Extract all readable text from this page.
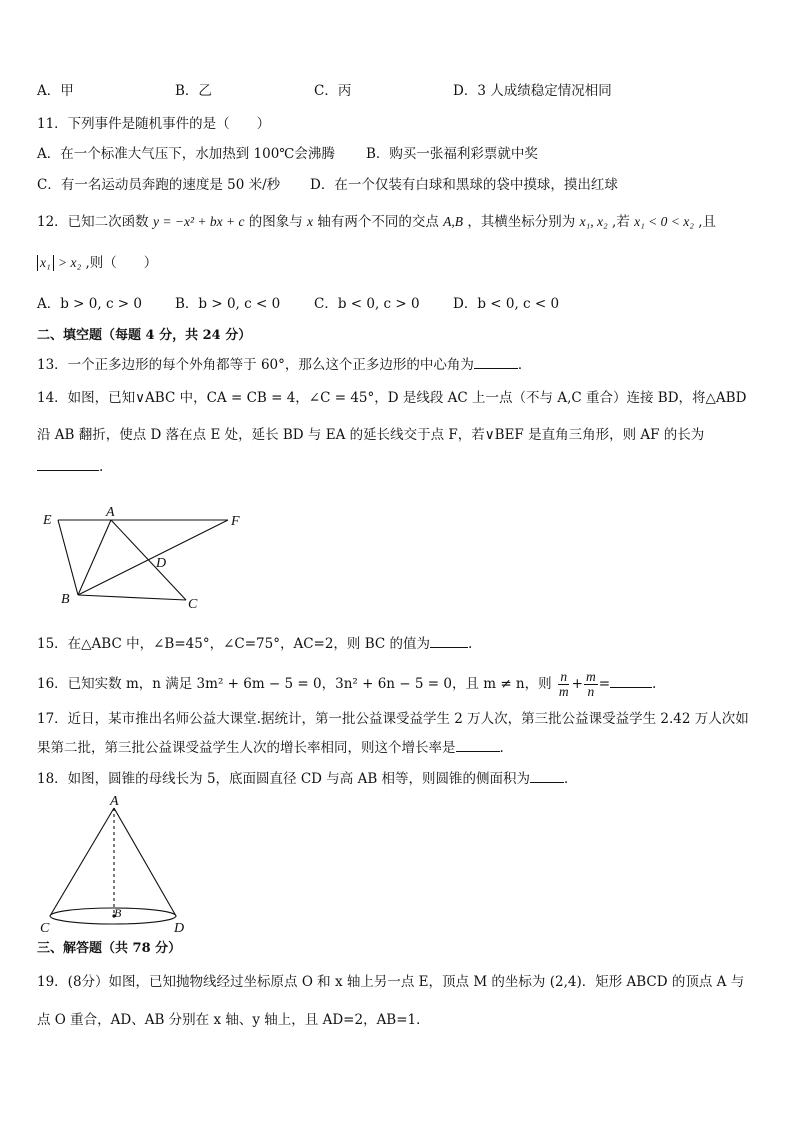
A．甲	B．乙	C．丙	D．3 人成绩稳定情况相同
11．下列事件是随机事件的是（　　）
A．在一个标准大气压下，水加热到 100℃会沸腾 B．购买一张福利彩票就中奖
C．有一名运动员奔跑的速度是 50 米/秒 D．在一个仅装有白球和黑球的袋中摸球，摸出红球
12．已知二次函数 y = −x² + bx + c 的图象与 x 轴有两个不同的交点 A,B ，其横坐标分别为 x₁, x₂ ,若 x₁ < 0 < x₂ ,且
x₁ > x₂ ,则（　　）
A．b > 0, c > 0 B．b > 0, c < 0	C．b < 0, c > 0 D．b < 0, c < 0
二、填空题（每题 4 分，共 24 分）
13．一个正多边形的每个外角都等于 60°，那么这个正多边形的中心角为	．
14．如图，已知∨ABC 中，CA = CB = 4，∠C = 45°，D 是线段 AC 上一点（不与 A,C 重合）连接 BD，将△ABD
沿 AB 翻折，使点 D 落在点 E 处，延长 BD 与 EA 的延长线交于点 F，若∨BEF 是直角三角形，则 AF 的长为
.
E
A
F
D
B	C
15．在△ABC 中，∠B=45°，∠C=75°，AC=2，则 BC 的值为	.
16．已知实数 m，n 满足 3m² + 6m − 5 = 0，3n² + 6n − 5 = 0，且 m ≠ n，则 $\frac{n}{m} + \frac{m}{n}$ =	.
17．近日，某市推出名师公益大课堂.据统计，第一批公益课受益学生 2 万人次，第三批公益课受益学生 2.42 万人次如
果第二批，第三批公益课受益学生人次的增长率相同，则这个增长率是	.
18．如图，圆锥的母线长为 5，底面圆直径 CD 与高 AB 相等，则圆锥的侧面积为	．
A
B
C	D
三、解答题（共 78 分）
19．(8分）如图，已知抛物线经过坐标原点 O 和 x 轴上另一点 E，顶点 M 的坐标为 (2,4)．矩形 ABCD 的顶点 A 与
点 O 重合，AD、AB 分别在 x 轴、y 轴上，且 AD=2，AB=1．
